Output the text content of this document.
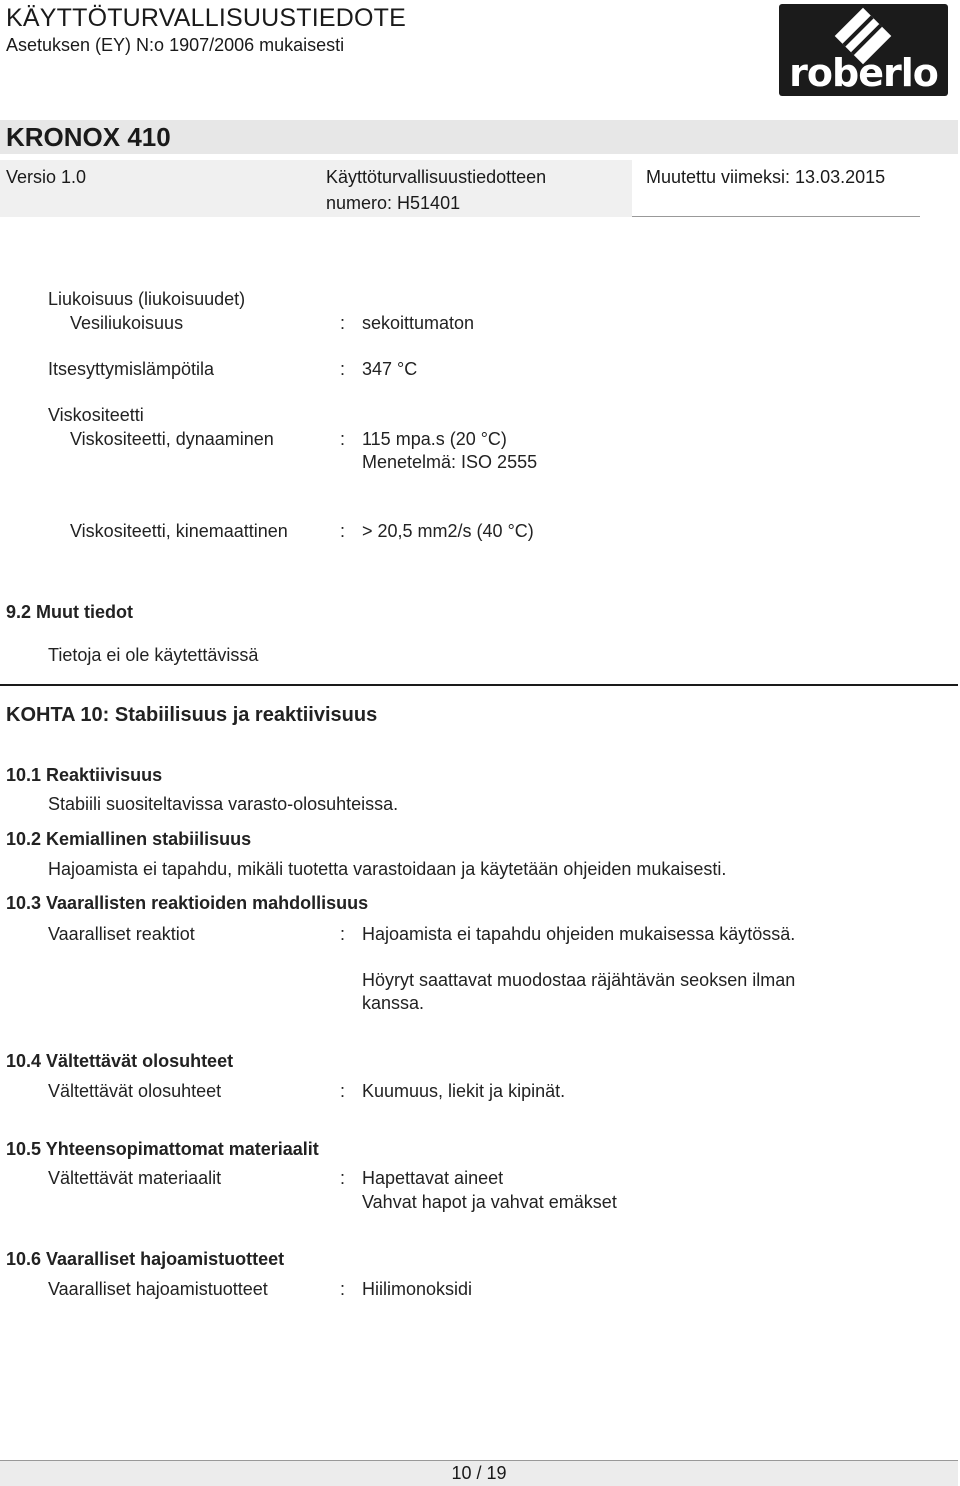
KÄYTTÖTURVALLISUUSTIEDOTE
Asetuksen (EY) N:o 1907/2006 mukaisesti
roberlo
KRONOX 410
Versio 1.0	Käyttöturvallisuustiedotteen
numero: H51401
Muutettu viimeksi: 13.03.2015
Liukoisuus (liukoisuudet)
Vesiliukoisuus	: sekoittumaton
Itsesyttymislämpötila	: 347 °C
Viskositeetti
Viskositeetti, dynaaminen	: 115 mpa.s (20 °C)
Menetelmä: ISO 2555
Viskositeetti, kinemaattinen	: > 20,5 mm2/s (40 °C)
9.2 Muut tiedot
Tietoja ei ole käytettävissä
KOHTA 10: Stabiilisuus ja reaktiivisuus
10.1 Reaktiivisuus
Stabiili suositeltavissa varasto-olosuhteissa.
10.2 Kemiallinen stabiilisuus
Hajoamista ei tapahdu, mikäli tuotetta varastoidaan ja käytetään ohjeiden mukaisesti.
10.3 Vaarallisten reaktioiden mahdollisuus
Vaaralliset reaktiot	: Hajoamista ei tapahdu ohjeiden mukaisessa käytössä.
Höyryt saattavat muodostaa räjähtävän seoksen ilman
kanssa.
10.4 Vältettävät olosuhteet
Vältettävät olosuhteet	: Kuumuus, liekit ja kipinät.
10.5 Yhteensopimattomat materiaalit
Vältettävät materiaalit	: Hapettavat aineet
Vahvat hapot ja vahvat emäkset
10.6 Vaaralliset hajoamistuotteet
Vaaralliset hajoamistuotteet	: Hiilimonoksidi
10 / 19
